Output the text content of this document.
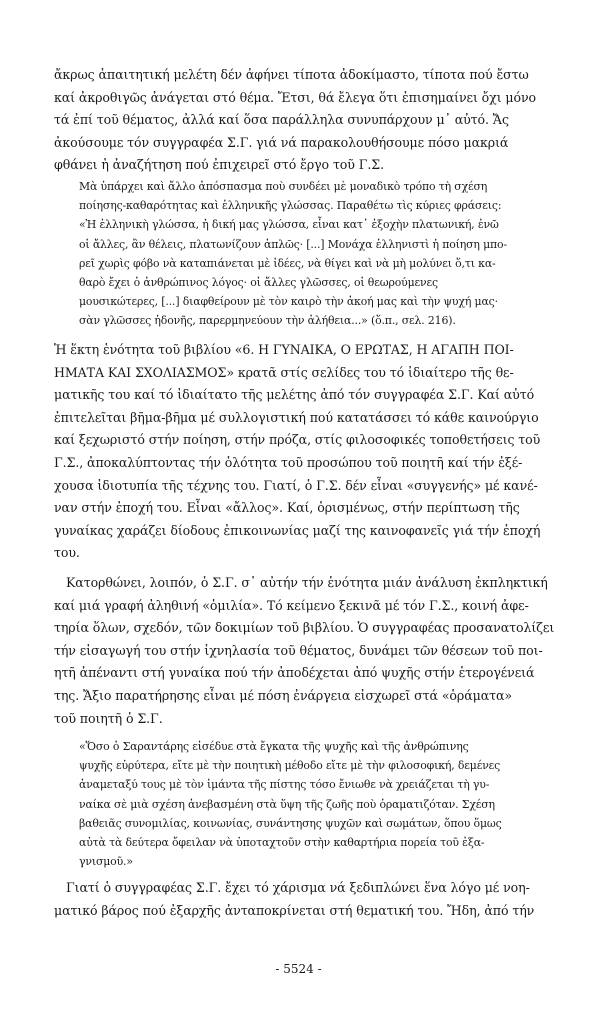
ἄκρως ἀπαιτητική μελέτη δέν ἀφήνει τίποτα ἀδοκίμαστο, τίποτα πού ἔστω
καί ἀκροθιγῶς ἀνάγεται στό θέμα. Ἔτσι, θά ἔλεγα ὅτι ἐπισημαίνει ὄχι μόνο
τά ἐπί τοῦ θέματος, ἀλλά καί ὅσα παράλληλα συνυπάρχουν μ᾽ αὐτό. Ἄς
ἀκούσουμε τόν συγγραφέα Σ.Γ. γιά νά παρακολουθήσουμε πόσο μακριά
φθάνει ἡ ἀναζήτηση πού ἐπιχειρεῖ στό ἔργο τοῦ Γ.Σ.

Μὰ ὑπάρχει καὶ ἄλλο ἀπόσπασμα ποὺ συνδέει μὲ μοναδικὸ τρόπο τὴ σχέση
ποίησης-καθαρότητας καὶ ἑλληνικῆς γλώσσας. Παραθέτω τὶς κύριες φράσεις:
«Ἡ ἑλληνικὴ γλώσσα, ἡ δική μας γλώσσα, εἶναι κατ᾽ ἐξοχὴν πλατωνική, ἐνῶ
οἱ ἄλλες, ἂν θέλεις, πλατωνίζουν ἁπλῶς· [...] Μονάχα ἑλληνιστὶ ἡ ποίηση μπο-
ρεῖ χωρὶς φόβο νὰ καταπιάνεται μὲ ἰδέες, νὰ θίγει καὶ νὰ μὴ μολύνει ὅ,τι κα-
θαρὸ ἔχει ὁ ἀνθρώπινος λόγος· οἱ ἄλλες γλῶσσες, οἱ θεωρούμενες
μουσικώτερες, [...] διαφθείρουν μὲ τὸν καιρὸ τὴν ἀκοή μας καὶ τὴν ψυχή μας·
σὰν γλῶσσες ἡδονῆς, παρερμηνεύουν τὴν ἀλήθεια...» (ὅ.π., σελ. 216).

Ἡ ἕκτη ἑνότητα τοῦ βιβλίου «6. Η ΓΥΝΑΙΚΑ, Ο ΕΡΩΤΑΣ, Η ΑΓΑΠΗ ΠΟΙ-
ΗΜΑΤΑ ΚΑΙ ΣΧΟΛΙΑΣΜΟΣ» κρατᾶ στίς σελίδες του τό ἰδιαίτερο τῆς θε-
ματικῆς του καί τό ἰδιαίτατο τῆς μελέτης ἀπό τόν συγγραφέα Σ.Γ. Καί αὐτό
ἐπιτελεῖται βῆμα-βῆμα μέ συλλογιστική πού κατατάσσει τό κάθε καινούργιο
καί ξεχωριστό στήν ποίηση, στήν πρόζα, στίς φιλοσοφικές τοποθετήσεις τοῦ
Γ.Σ., ἀποκαλύπτοντας τήν ὁλότητα τοῦ προσώπου τοῦ ποιητῆ καί τήν ἐξέ-
χουσα ἰδιοτυπία τῆς τέχνης του. Γιατί, ὁ Γ.Σ. δέν εἶναι «συγγενής» μέ κανέ-
ναν στήν ἐποχή του. Εἶναι «ἄλλος». Καί, ὁρισμένως, στήν περίπτωση τῆς
γυναίκας χαράζει δίοδους ἐπικοινωνίας μαζί της καινοφανεῖς γιά τήν ἐποχή
του.

Κατορθώνει, λοιπόν, ὁ Σ.Γ. σ᾽ αὐτήν τήν ἑνότητα μιάν ἀνάλυση ἐκπληκτική
καί μιά γραφή ἀληθινή «ὁμιλία». Τό κείμενο ξεκινᾶ μέ τόν Γ.Σ., κοινή ἀφε-
τηρία ὅλων, σχεδόν, τῶν δοκιμίων τοῦ βιβλίου. Ὁ συγγραφέας προσανατολίζει
τήν εἰσαγωγή του στήν ἰχνηλασία τοῦ θέματος, δυνάμει τῶν θέσεων τοῦ ποι-
ητῆ ἀπέναντι στή γυναίκα πού τήν ἀποδέχεται ἀπό ψυχῆς στήν ἑτερογένειά
της. Ἄξιο παρατήρησης εἶναι μέ πόση ἐνάργεια εἰσχωρεῖ στά «ὁράματα»
τοῦ ποιητῆ ὁ Σ.Γ.

«Ὅσο ὁ Σαραντάρης εἰσέδυε στὰ ἔγκατα τῆς ψυχῆς καὶ τῆς ἀνθρώπινης
ψυχῆς εὐρύτερα, εἴτε μὲ τὴν ποιητικὴ μέθοδο εἴτε μὲ τὴν φιλοσοφική, δεμένες
ἀναμεταξύ τους μὲ τὸν ἱμάντα τῆς πίστης τόσο ἔνιωθε νὰ χρειάζεται τὴ γυ-
ναίκα σὲ μιὰ σχέση ἀνεβασμένη στὰ ὕψη τῆς ζωῆς ποὺ ὁραματιζόταν. Σχέση
βαθειᾶς συνομιλίας, κοινωνίας, συνάντησης ψυχῶν καὶ σωμάτων, ὅπου ὅμως
αὐτὰ τὰ δεύτερα ὄφειλαν νὰ ὑποταχτοῦν στὴν καθαρτήρια πορεία τοῦ ἐξα-
γνισμοῦ.»

Γιατί ὁ συγγραφέας Σ.Γ. ἔχει τό χάρισμα νά ξεδιπλώνει ἕνα λόγο μέ νοη-
ματικό βάρος πού ἐξαρχῆς ἀνταποκρίνεται στή θεματική του. Ἤδη, ἀπό τήν

- 5524 -
